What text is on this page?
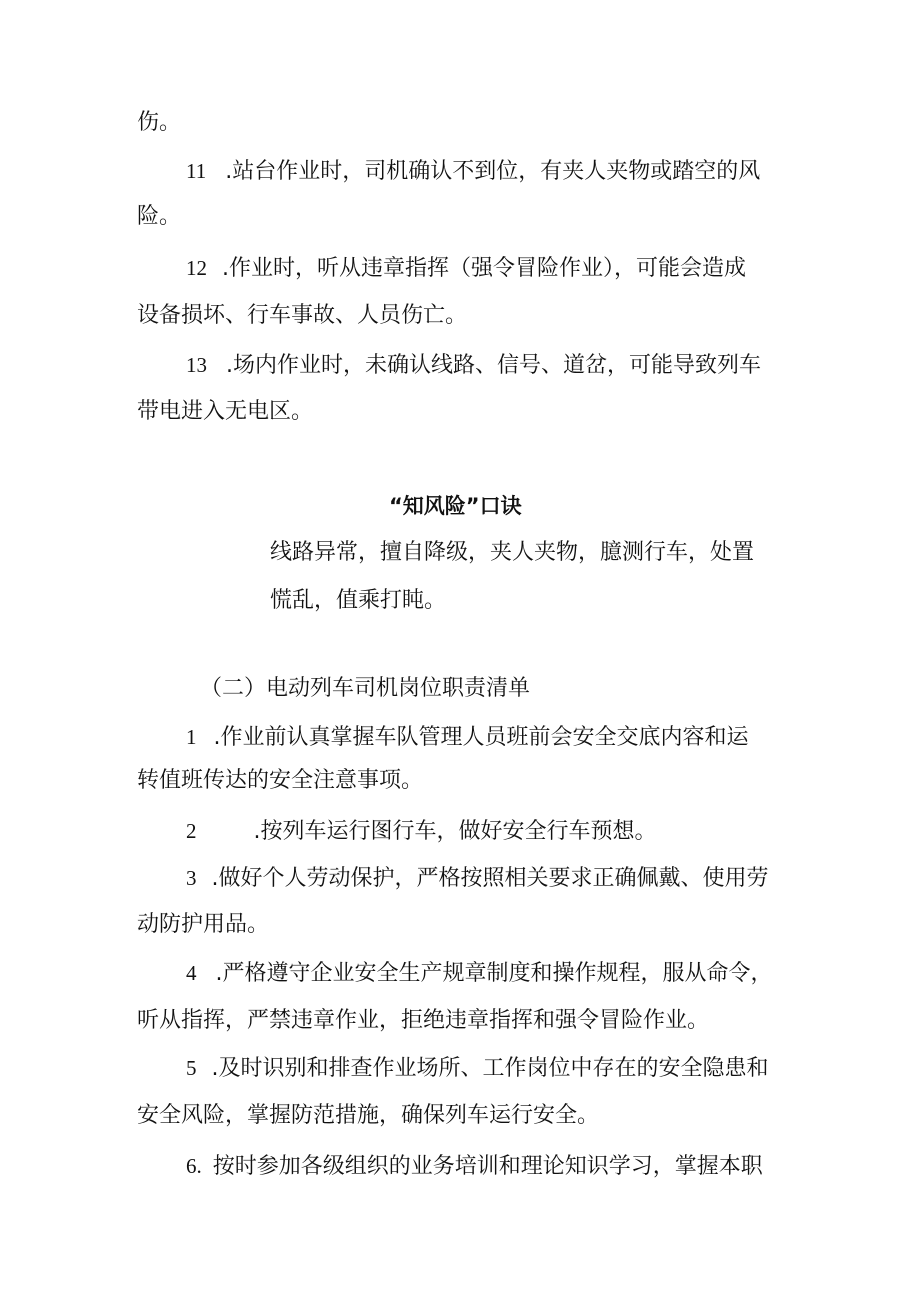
伤。
11 .站台作业时，司机确认不到位，有夹人夹物或踏空的风
险。
12 .作业时，听从违章指挥（强令冒险作业），可能会造成
设备损坏、行车事故、人员伤亡。
13 .场内作业时，未确认线路、信号、道岔，可能导致列车
带电进入无电区。
“知风险”口诀
线路异常，擅自降级，夹人夹物，臆测行车，处置
慌乱，值乘打盹。
（二）电动列车司机岗位职责清单
1 .作业前认真掌握车队管理人员班前会安全交底内容和运
转值班传达的安全注意事项。
2	.按列车运行图行车，做好安全行车预想。
3 .做好个人劳动保护，严格按照相关要求正确佩戴、使用劳
动防护用品。
4 .严格遵守企业安全生产规章制度和操作规程，服从命令，
听从指挥，严禁违章作业，拒绝违章指挥和强令冒险作业。
5 .及时识别和排查作业场所、工作岗位中存在的安全隐患和
安全风险，掌握防范措施，确保列车运行安全。
6. 按时参加各级组织的业务培训和理论知识学习，掌握本职
